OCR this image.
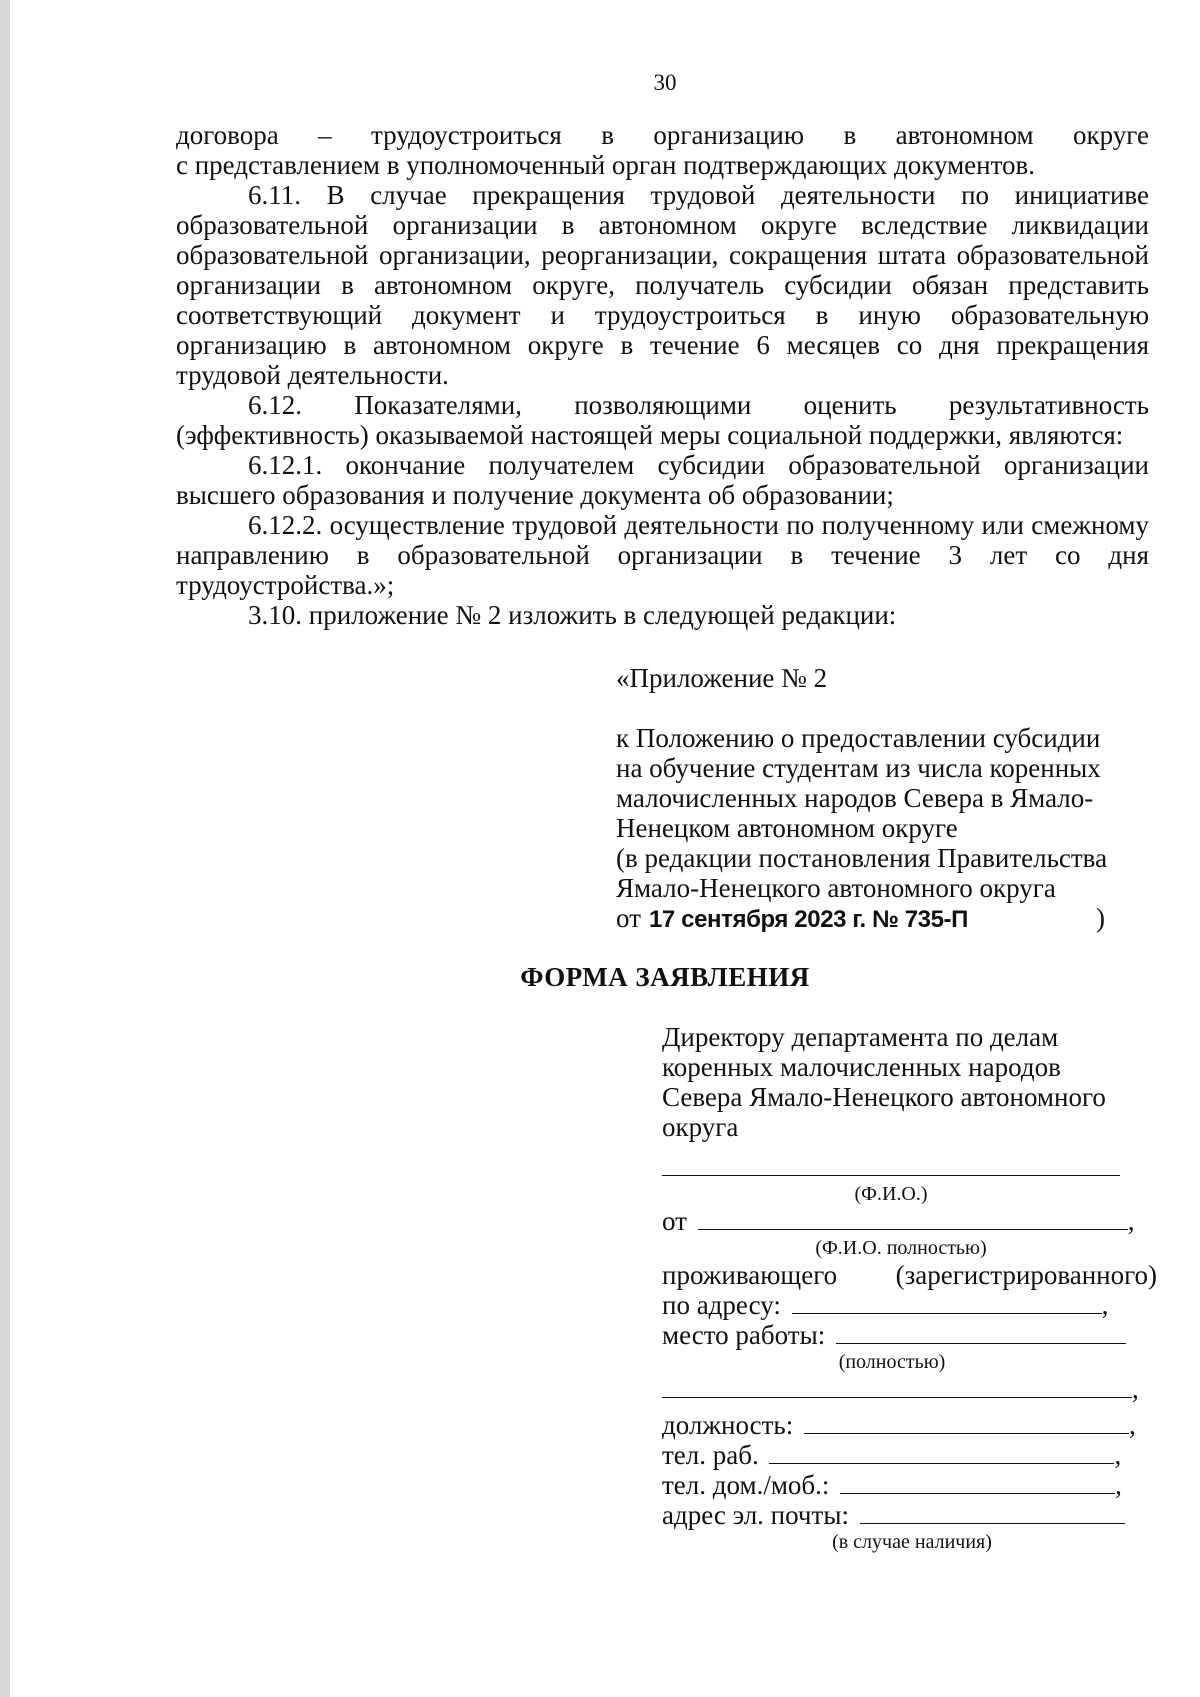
30

договора – трудоустроиться в организацию в автономном округе

с представлением в уполномоченный орган подтверждающих документов.

6.11. В случае прекращения трудовой деятельности по инициативе образовательной организации в автономном округе вследствие ликвидации образовательной организации, реорганизации, сокращения штата образовательной организации в автономном округе, получатель субсидии обязан представить соответствующий документ и трудоустроиться в иную образовательную организацию в автономном округе в течение 6 месяцев со дня прекращения трудовой деятельности.

6.12. Показателями, позволяющими оценить результативность (эффективность) оказываемой настоящей меры социальной поддержки, являются:

6.12.1. окончание получателем субсидии образовательной организации высшего образования и получение документа об образовании;

6.12.2. осуществление трудовой деятельности по полученному или смежному направлению в образовательной организации в течение 3 лет со дня трудоустройства.»;

3.10. приложение № 2 изложить в следующей редакции:

«Приложение № 2
к Положению о предоставлении субсидии
на обучение студентам из числа коренных
малочисленных народов Севера в Ямало-
Ненецком автономном округе
(в редакции постановления Правительства
Ямало-Ненецкого автономного округа
от 17 сентября 2023 г. № 735-П	)
ФОРМА ЗАЯВЛЕНИЯ
Директору департамента по делам
коренных малочисленных народов
Севера Ямало-Ненецкого автономного
округа
(Ф.И.О.)
от	,
(Ф.И.О. полностью)
проживающего (зарегистрированного)
по адресу:	,
место работы:
(полностью)
,
должность:	,
тел. раб.	,
тел. дом./моб.:	,
адрес эл. почты:
(в случае наличия)
